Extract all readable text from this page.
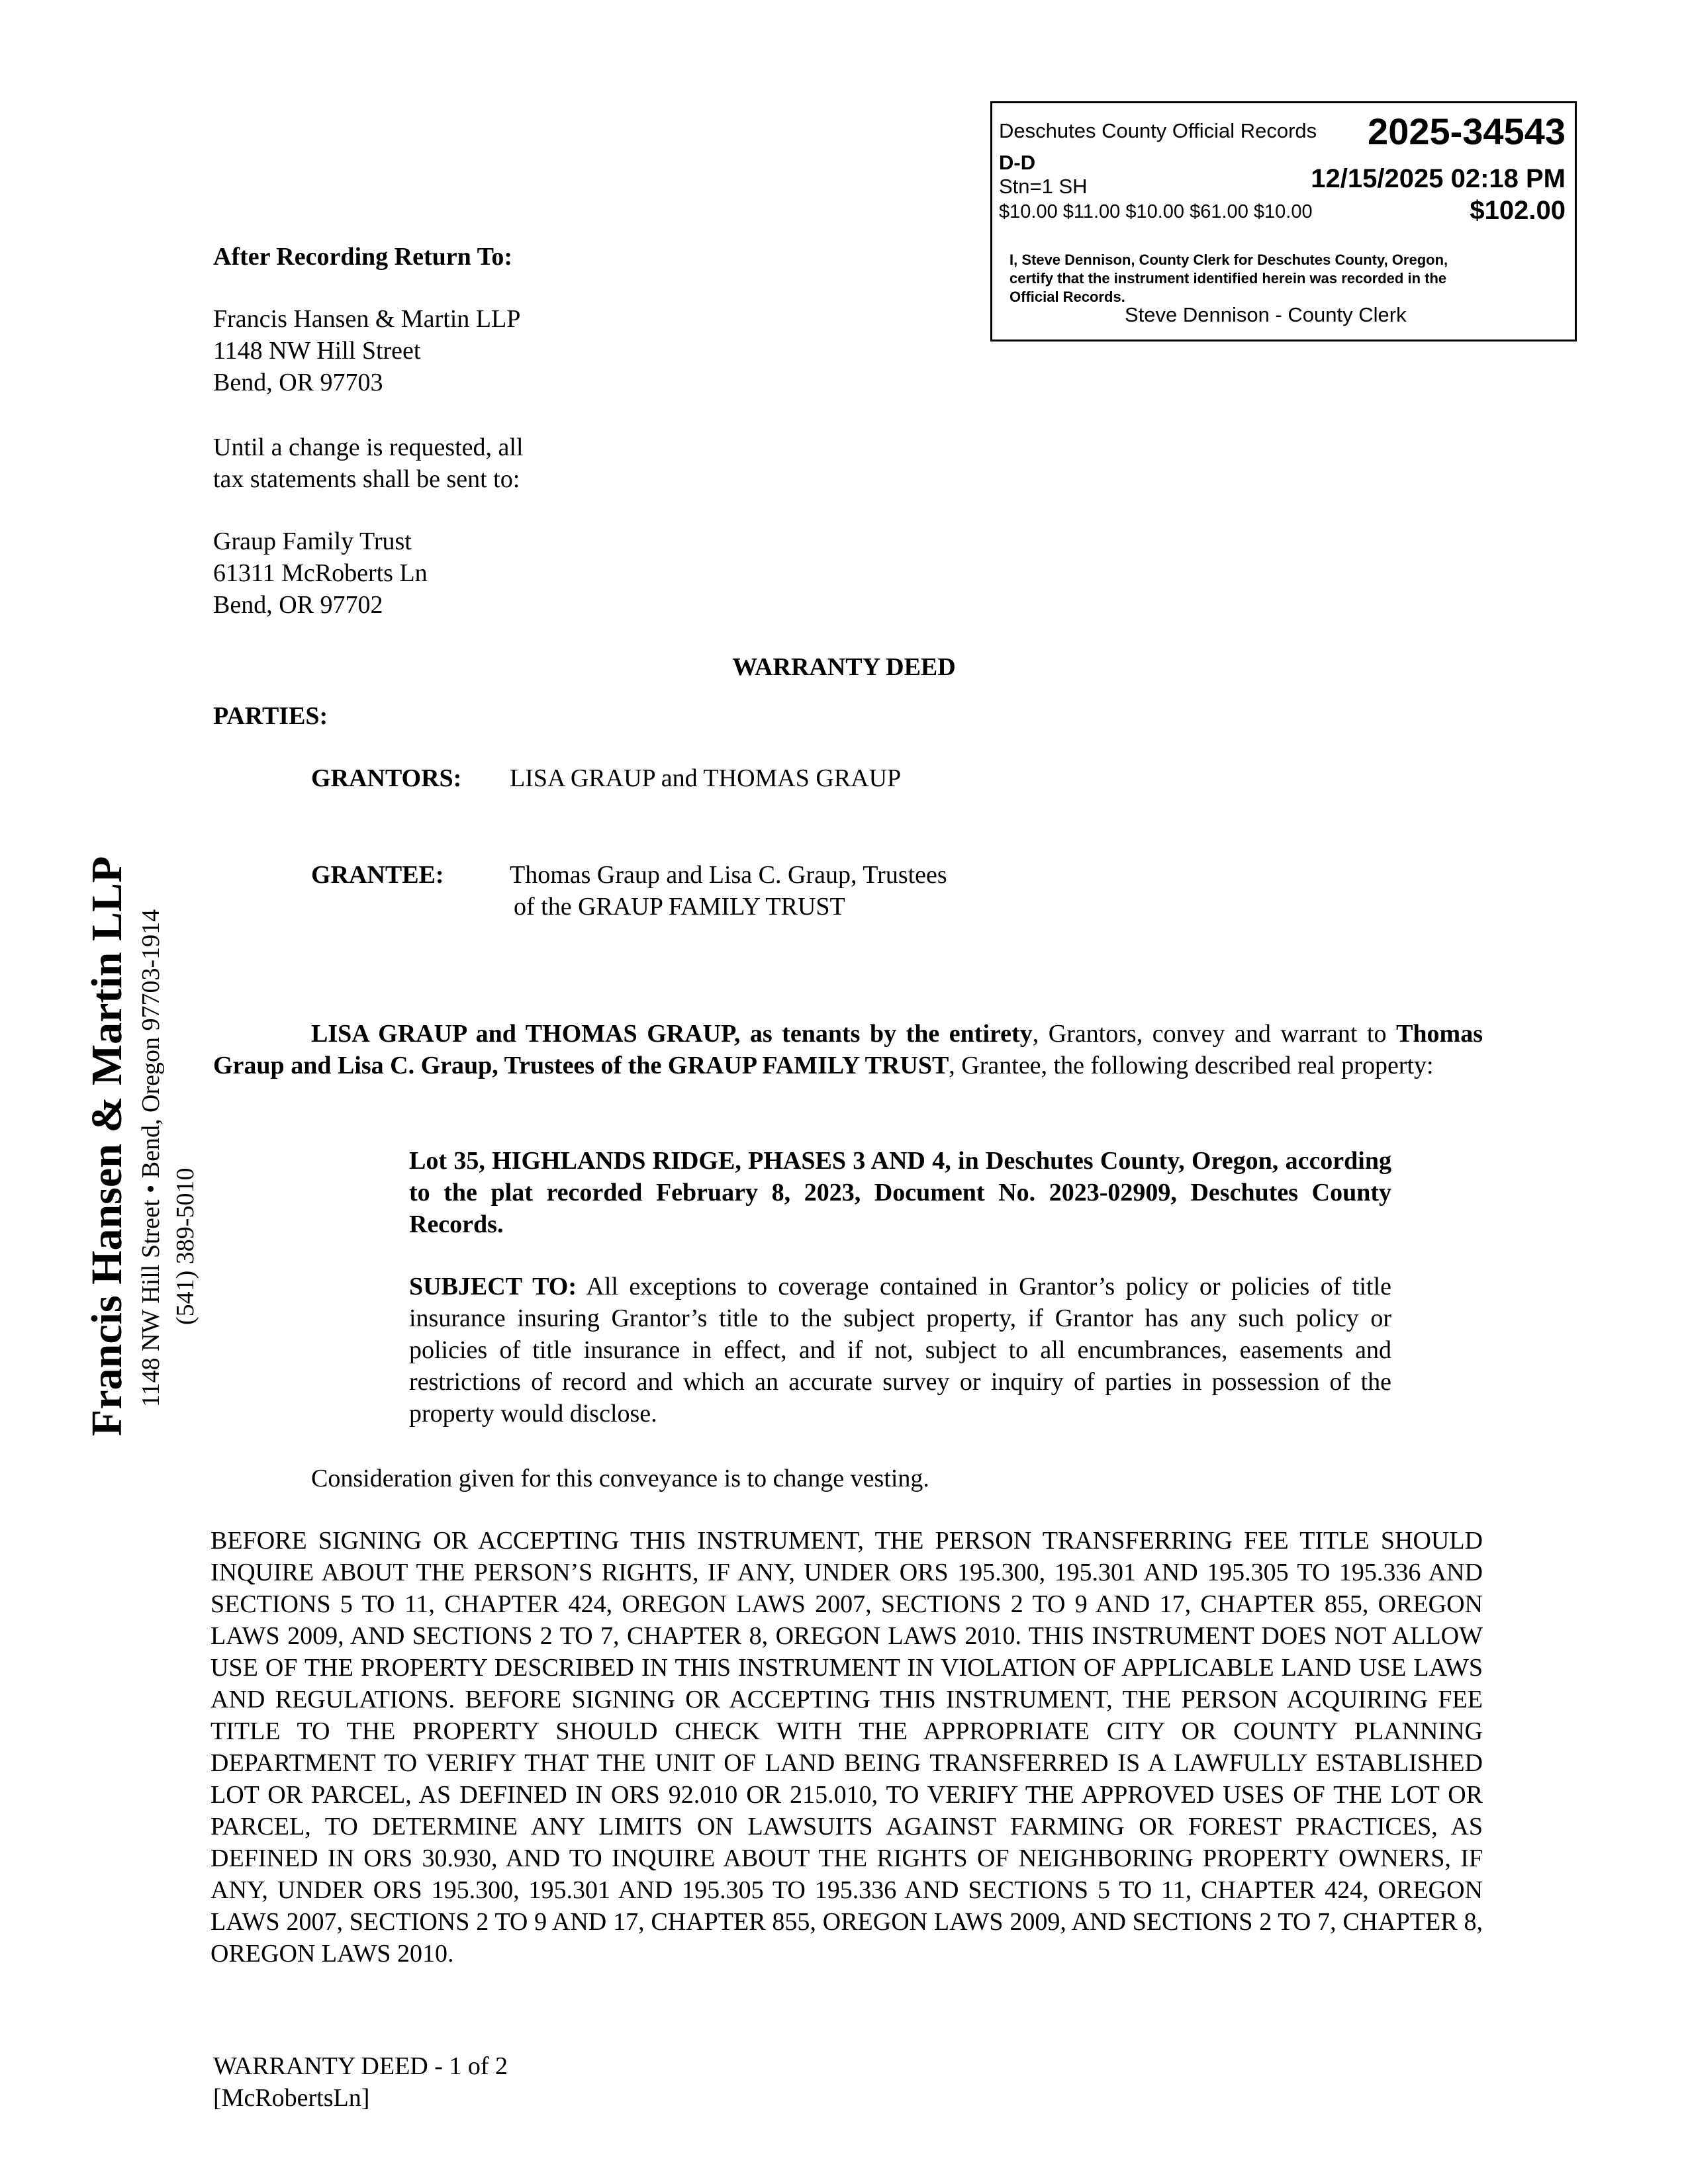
Deschutes County Official Records 2025-34543
D-D
Stn=1 SH	12/15/2025 02:18 PM
$10.00 $11.00 $10.00 $61.00 $10.00	$102.00
I, Steve Dennison, County Clerk for Deschutes County, Oregon,
certify that the instrument identified herein was recorded in the
Official Records.
Steve Dennison - County Clerk
After Recording Return To:
Francis Hansen & Martin LLP
1148 NW Hill Street
Bend, OR 97703
Until a change is requested, all
tax statements shall be sent to:
Graup Family Trust
61311 McRoberts Ln
Bend, OR 97702
WARRANTY DEED
PARTIES:
GRANTORS: LISA GRAUP and THOMAS GRAUP
GRANTEE:	Thomas Graup and Lisa C. Graup, Trustees
of the GRAUP FAMILY TRUST
LISA GRAUP and THOMAS GRAUP, as tenants by the entirety, Grantors, convey and warrant to Thomas Graup and Lisa C. Graup, Trustees of the GRAUP FAMILY TRUST, Grantee, the following described real property:
Lot 35, HIGHLANDS RIDGE, PHASES 3 AND 4, in Deschutes County, Oregon, according to the plat recorded February 8, 2023, Document No. 2023-02909, Deschutes County Records.
SUBJECT TO: All exceptions to coverage contained in Grantor’s policy or policies of title insurance insuring Grantor’s title to the subject property, if Grantor has any such policy or policies of title insurance in effect, and if not, subject to all encumbrances, easements and restrictions of record and which an accurate survey or inquiry of parties in possession of the property would disclose.
Consideration given for this conveyance is to change vesting.
BEFORE SIGNING OR ACCEPTING THIS INSTRUMENT, THE PERSON TRANSFERRING FEE TITLE SHOULD INQUIRE ABOUT THE PERSON’S RIGHTS, IF ANY, UNDER ORS 195.300, 195.301 AND 195.305 TO 195.336 AND SECTIONS 5 TO 11, CHAPTER 424, OREGON LAWS 2007, SECTIONS 2 TO 9 AND 17, CHAPTER 855, OREGON LAWS 2009, AND SECTIONS 2 TO 7, CHAPTER 8, OREGON LAWS 2010. THIS INSTRUMENT DOES NOT ALLOW USE OF THE PROPERTY DESCRIBED IN THIS INSTRUMENT IN VIOLATION OF APPLICABLE LAND USE LAWS AND REGULATIONS. BEFORE SIGNING OR ACCEPTING THIS INSTRUMENT, THE PERSON ACQUIRING FEE TITLE TO THE PROPERTY SHOULD CHECK WITH THE APPROPRIATE CITY OR COUNTY PLANNING DEPARTMENT TO VERIFY THAT THE UNIT OF LAND BEING TRANSFERRED IS A LAWFULLY ESTABLISHED LOT OR PARCEL, AS DEFINED IN ORS 92.010 OR 215.010, TO VERIFY THE APPROVED USES OF THE LOT OR PARCEL, TO DETERMINE ANY LIMITS ON LAWSUITS AGAINST FARMING OR FOREST PRACTICES, AS DEFINED IN ORS 30.930, AND TO INQUIRE ABOUT THE RIGHTS OF NEIGHBORING PROPERTY OWNERS, IF ANY, UNDER ORS 195.300, 195.301 AND 195.305 TO 195.336 AND SECTIONS 5 TO 11, CHAPTER 424, OREGON LAWS 2007, SECTIONS 2 TO 9 AND 17, CHAPTER 855, OREGON LAWS 2009, AND SECTIONS 2 TO 7, CHAPTER 8, OREGON LAWS 2010.
WARRANTY DEED - 1 of 2
[McRobertsLn]
Francis Hansen & Martin LLP 1148 NW Hill Street • Bend, Oregon 97703-1914 (541) 389-5010
